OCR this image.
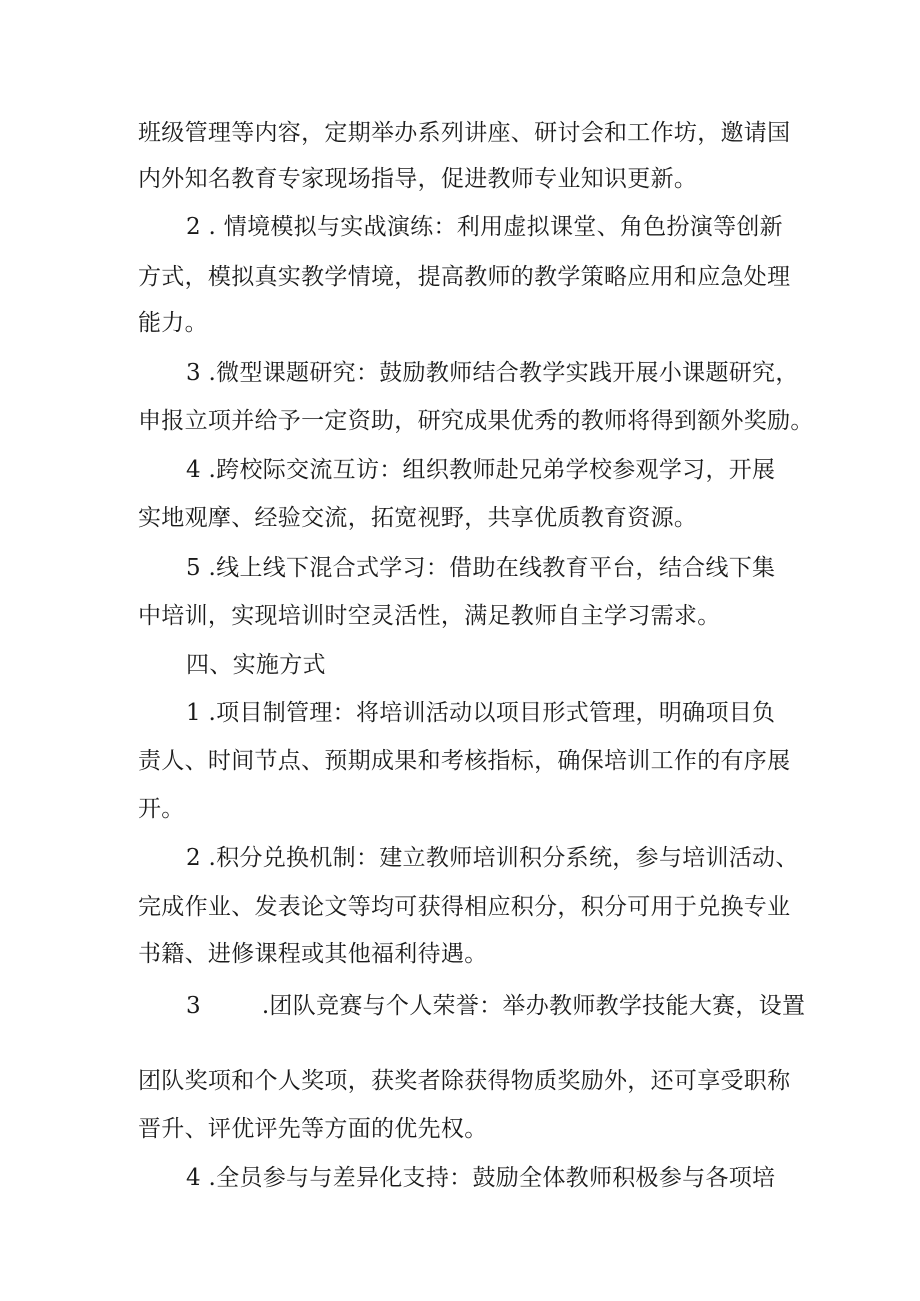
班级管理等内容，定期举办系列讲座、研讨会和工作坊，邀请国
内外知名教育专家现场指导，促进教师专业知识更新。
2 . 情境模拟与实战演练：利用虚拟课堂、角色扮演等创新
方式，模拟真实教学情境，提高教师的教学策略应用和应急处理
能力。
3 .微型课题研究：鼓励教师结合教学实践开展小课题研究，
申报立项并给予一定资助，研究成果优秀的教师将得到额外奖励。
4 .跨校际交流互访：组织教师赴兄弟学校参观学习，开展
实地观摩、经验交流，拓宽视野，共享优质教育资源。
5 .线上线下混合式学习：借助在线教育平台，结合线下集
中培训，实现培训时空灵活性，满足教师自主学习需求。
四、实施方式
1 .项目制管理：将培训活动以项目形式管理，明确项目负
责人、时间节点、预期成果和考核指标，确保培训工作的有序展
开。
2 .积分兑换机制：建立教师培训积分系统，参与培训活动、
完成作业、发表论文等均可获得相应积分，积分可用于兑换专业
书籍、进修课程或其他福利待遇。
3        .团队竞赛与个人荣誉：举办教师教学技能大赛，设置
团队奖项和个人奖项，获奖者除获得物质奖励外，还可享受职称
晋升、评优评先等方面的优先权。
4 .全员参与与差异化支持：鼓励全体教师积极参与各项培
